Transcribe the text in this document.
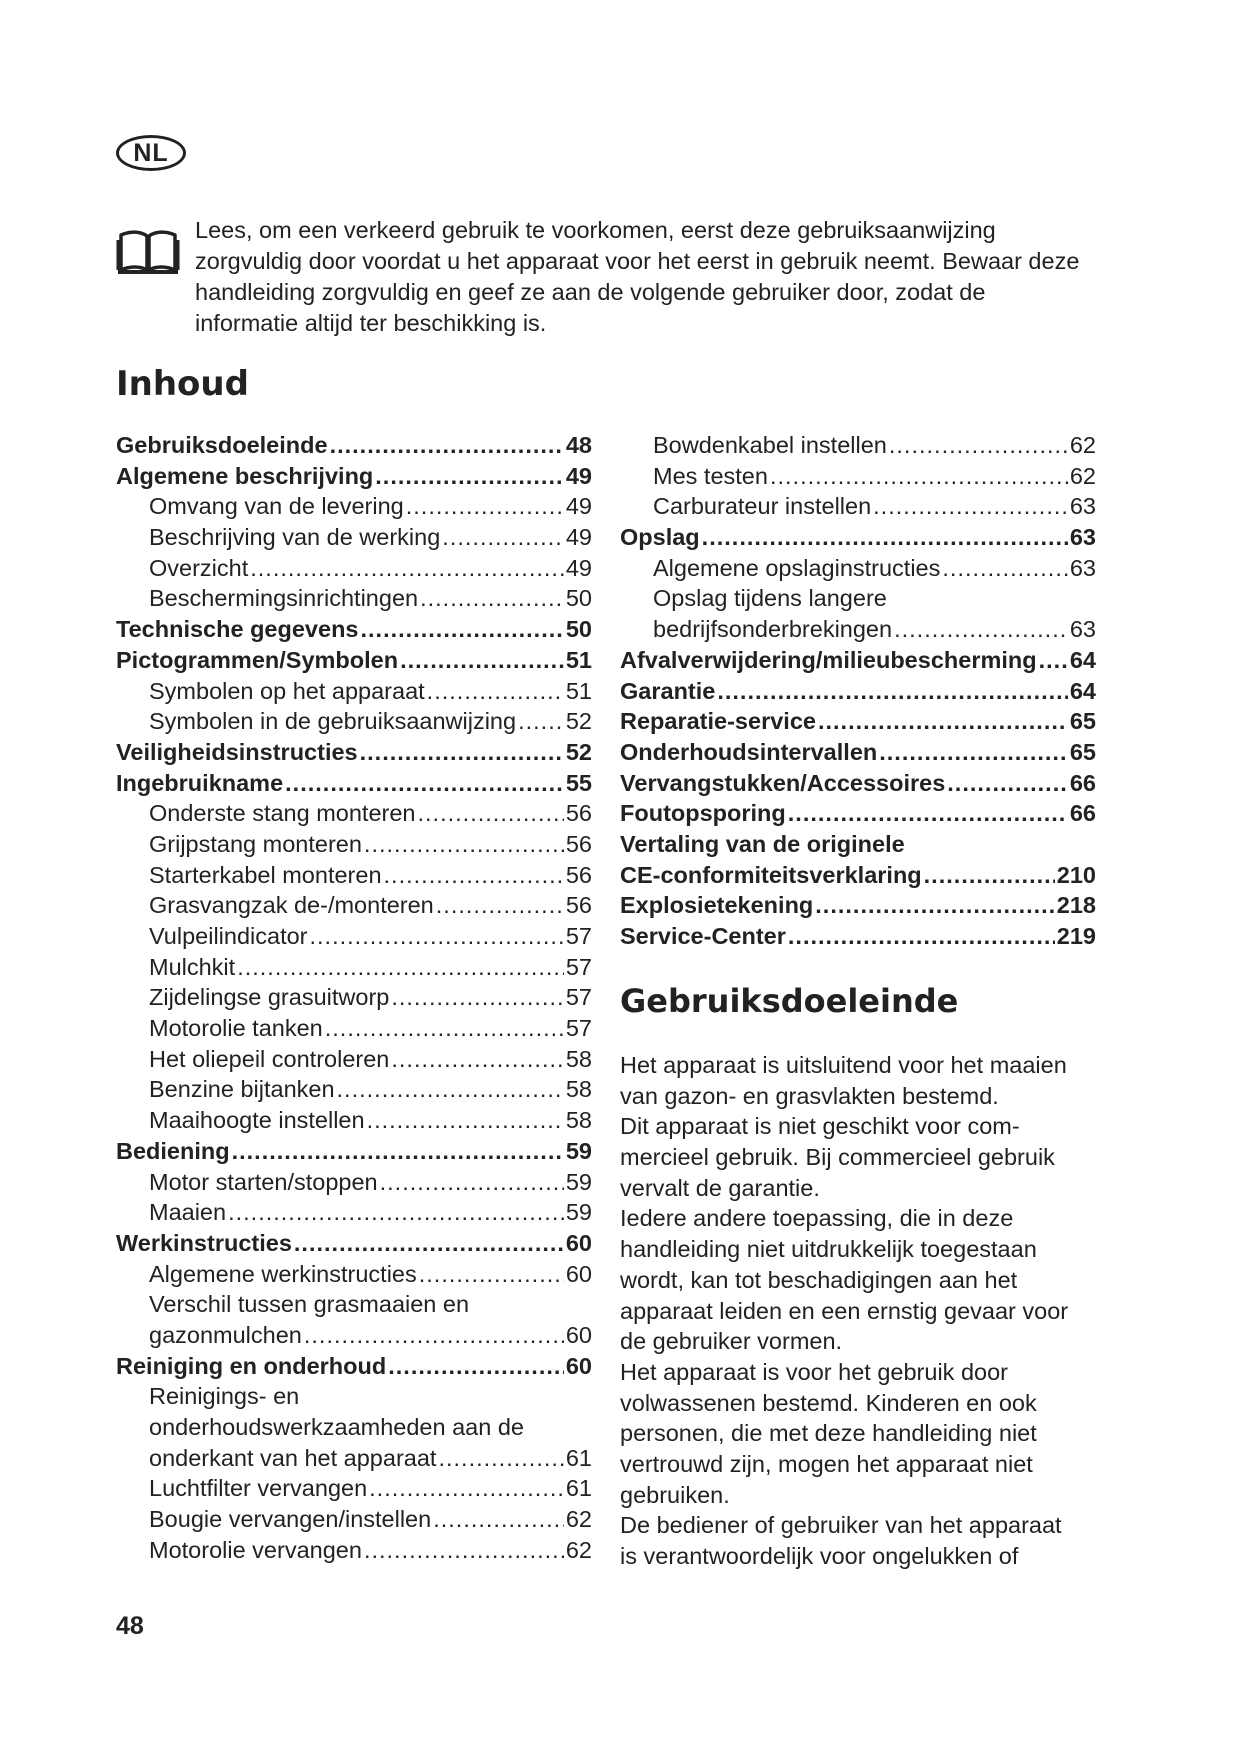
NL

Lees, om een verkeerd gebruik te voorkomen, eerst deze gebruiksaanwijzing zorgvuldig door voordat u het apparaat voor het eerst in gebruik neemt. Bewaar deze handleiding zorgvuldig en geef ze aan de volgende gebruiker door, zodat de informatie altijd ter beschikking is.

Inhoud
Gebruiksdoeleinde .....	48
Algemene beschrijving .....	49
Omvang van de levering .....	49
Beschrijving van de werking .....	49
Overzicht .....	49
Beschermingsinrichtingen .....	50
Technische gegevens .....	50
Pictogrammen/Symbolen .....	51
Symbolen op het apparaat .....	51
Symbolen in de gebruiksaanwijzing ..... 52
Veiligheidsinstructies .....	52
Ingebruikname .....	55
Onderste stang monteren .....	56
Grijpstang monteren .....	56
Starterkabel monteren .....	56
Grasvangzak de-/monteren .....	56
Vulpeilindicator .....	57
Mulchkit .....	57
Zijdelingse grasuitworp .....	57
Motorolie tanken .....	57
Het oliepeil controleren .....	58
Benzine bijtanken .....	58
Maaihoogte instellen .....	58
Bediening .....	59
Motor starten/stoppen .....	59
Maaien .....	59
Werkinstructies .....	60
Algemene werkinstructies .....	60
Verschil tussen grasmaaien en
gazonmulchen .....	60
Reiniging en onderhoud .....	60
Reinigings- en
onderhoudswerkzaamheden aan de
onderkant van het apparaat .....	61
Luchtfilter vervangen .....	61
Bougie vervangen/instellen .....	62
Motorolie vervangen .....	62
Bowdenkabel instellen .....	62
Mes testen .....	62
Carburateur instellen .....	63
Opslag .....	63
Algemene opslaginstructies .....	63
Opslag tijdens langere
bedrijfsonderbrekingen .....	63
Afvalverwijdering/milieubescherming ..... 64
Garantie .....	64
Reparatie-service .....	65
Onderhoudsintervallen .....	65
Vervangstukken/Accessoires .....	66
Foutopsporing .....	66
Vertaling van de originele
CE-conformiteitsverklaring .....	210
Explosietekening .....	218
Service-Center .....	219
Gebruiksdoeleinde
Het apparaat is uitsluitend voor het maaien
van gazon- en grasvlakten bestemd.
Dit apparaat is niet geschikt voor com-
mercieel gebruik. Bij commercieel gebruik
vervalt de garantie.
Iedere andere toepassing, die in deze
handleiding niet uitdrukkelijk toegestaan
wordt, kan tot beschadigingen aan het
apparaat leiden en een ernstig gevaar voor
de gebruiker vormen.
Het apparaat is voor het gebruik door
volwassenen bestemd. Kinderen en ook
personen, die met deze handleiding niet
vertrouwd zijn, mogen het apparaat niet
gebruiken.
De bediener of gebruiker van het apparaat
is verantwoordelijk voor ongelukken of
48
